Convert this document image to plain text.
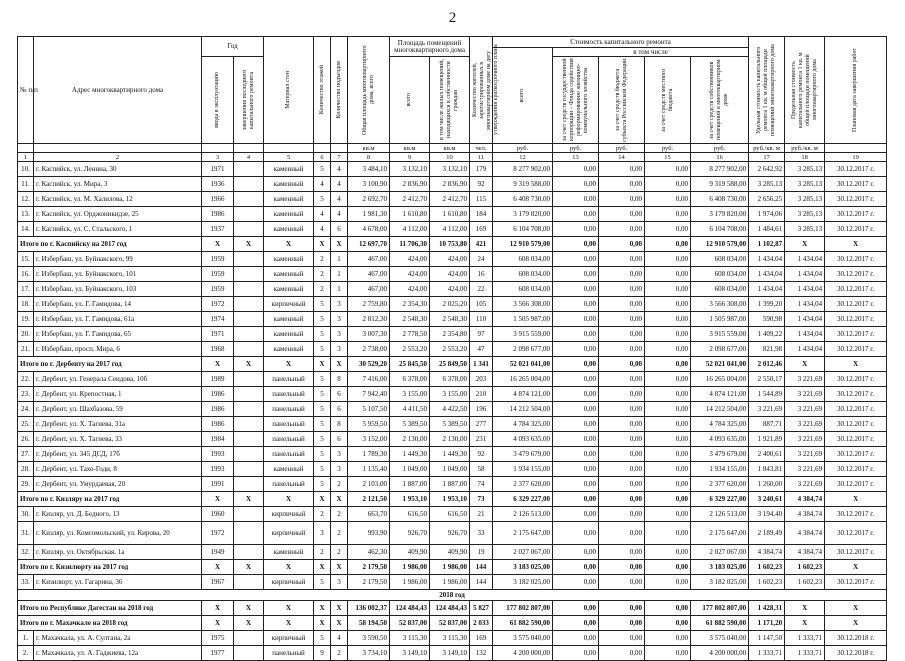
2
№ п/п	Адрес многоквартирного дома	Год		Материал стен	Количество этажей	Количество подъездов	Общая площадь многоквартирного дома, всего	Площадь помещений многоквартирного дома		Количество жителей, зарегистрированных в многоквартирном доме на дату утверждения краткосрочного плана	Стоимость капитального ремонта					Удельная стоимость капитального ремонта 1 кв. м общей площади помещений многоквартирного дома	Предельная стоимость капитального ремонта 1 кв. м общей площади помещений многоквартирного дома	Плановая дата завершения работ

											всего	в том числе						

		ввода в эксплуатацию	завершения последнего капитального ремонта					всего	в том числе жилых помещений, находящихся в собственности граждан			за счет средств государственной корпорации – Фонда содействия реформированию жилищно-коммунального хозяйства	за счет средств бюджета субъекта Российской Федерации	за счет средств местного бюджета	за счет средств собственников помещений в многоквартирном доме			

							кв.м	кв.м	кв.м	чел.	руб.	руб.	руб.	руб.	руб.	руб./кв. м	руб./кв. м	
1	2	3	4	5	6	7	8	9	10	11	12	13	14	15	16	17	18	19
10.	г. Каспийск, ул. Ленина, 30	1971		каменный	5	4	3 484,10	3 132,10	3 132,10	179	8 277 902,00	0,00	0,00	0,00	8 277 902,00	2 642,92	3 285,13	30.12.2017 г.
11.	г. Каспийск, ул. Мира, 3	1936		каменный	4	4	3 100,90	2 836,90	2 836,90	92	9 319 588,00	0,00	0,00	0,00	9 319 588,00	3 285,13	3 285,13	30.12.2017 г.
12.	г. Каспийск, ул. М. Халилова, 12	1966		каменный	5	4	2 692,70	2 412,70	2 412,70	115	6 408 730,00	0,00	0,00	0,00	6 408 730,00	2 656,25	3 285,13	30.12.2017 г.
13.	г. Каспийск, ул. Орджоникидзе, 25	1986		каменный	4	4	1 981,30	1 610,80	1 610,80	184	3 179 820,00	0,00	0,00	0,00	3 179 820,00	1 974,06	3 285,13	30.12.2017 г.
14.	г. Каспийск, ул. С. Стальского, 1	1937		каменный	4	6	4 678,00	4 112,00	4 112,00	169	6 104 708,00	0,00	0,00	0,00	6 104 708,00	1 484,61	3 285,13	30.12.2017 г.
Итого по г. Каспийску на 2017 год		X	X	X	X	X	12 697,70	11 706,30	10 753,80	421	12 910 579,00	0,00	0,00	0,00	12 910 579,00	1 102,87	X	X
15.	г. Избербаш, ул. Буйнакского, 99	1959		каменный	2	1	467,00	424,00	424,00	24	608 034,00	0,00	0,00	0,00	608 034,00	1 434,04	1 434,04	30.12.2017 г.
16.	г. Избербаш, ул. Буйнакского, 101	1959		каменный	2	1	467,00	424,00	424,00	16	608 034,00	0,00	0,00	0,00	608 034,00	1 434,04	1 434,04	30.12.2017 г.
17.	г. Избербаш, ул. Буйнакского, 103	1959		каменный	2	1	467,00	424,00	424,00	22	608 034,00	0,00	0,00	0,00	608 034,00	1 434,04	1 434,04	30.12.2017 г.
18.	г. Избербаш, ул. Г. Гамидова, 14	1972		кирпичный	5	3	2 759,80	2 354,30	2 025,20	105	3 566 308,00	0,00	0,00	0,00	3 566 308,00	1 399,20	1 434,04	30.12.2017 г.
19.	г. Избербаш, ул. Г. Гамидова, 61а	1974		каменный	5	3	2 812,30	2 548,30	2 548,30	110	1 505 987,00	0,00	0,00	0,00	1 505 987,00	590,98	1 434,04	30.12.2017 г.
20.	г. Избербаш, ул. Г. Гамидова, 65	1971		каменный	5	3	3 007,30	2 778,50	2 354,80	97	3 915 559,00	0,00	0,00	0,00	3 915 559,00	1 409,22	1 434,04	30.12.2017 г.
21.	г. Избербаш, просп. Мира, 6	1968		каменный	5	3	2 738,00	2 553,20	2 553,20	47	2 098 677,00	0,00	0,00	0,00	2 098 677,00	821,98	1 434,04	30.12.2017 г.
Итого по г. Дербенту на 2017 год		X	X	X	X	X	30 529,20	25 845,50	25 849,50	1 341	52 021 041,00	0,00	0,00	0,00	52 021 041,00	2 012,46	X	X
22.	г. Дербент, ул. Генерала Сеидова, 10б	1989		панельный	5	8	7 416,00	6 378,00	6 378,00	203	16 265 004,00	0,00	0,00	0,00	16 265 004,00	2 550,17	3 221,69	30.12.2017 г.
23.	г. Дербент, ул. Крепостная, 1	1986		панельный	5	6	7 942,40	3 155,00	3 155,00	210	4 874 121,00	0,00	0,00	0,00	4 874 121,00	1 544,89	3 221,69	30.12.2017 г.
24.	г. Дербент, ул. Шахбазова, 59	1986		панельный	5	6	5 107,50	4 411,50	4 422,50	196	14 212 504,00	0,00	0,00	0,00	14 212 504,00	3 221,69	3 221,69	30.12.2017 г.
25.	г. Дербент, ул. Х. Тагиева, 31а	1986		панельный	5	8	5 959,50	5 389,50	5 389,50	277	4 784 325,00	0,00	0,00	0,00	4 784 325,00	887,71	3 221,69	30.12.2017 г.
26.	г. Дербент, ул. Х. Тагиева, 33	1984		панельный	5	6	3 152,00	2 130,00	2 130,00	231	4 093 635,00	0,00	0,00	0,00	4 093 635,00	1 921,89	3 221,69	30.12.2017 г.
27.	г. Дербент, ул. 345 ДСД, 17б	1993		панельный	5	3	1 789,30	1 449,30	1 449,30	92	3 479 679,00	0,00	0,00	0,00	3 479 679,00	2 400,61	3 221,69	30.12.2017 г.
28.	г. Дербент, ул. Тахо-Годи, 8	1993		каменный	5	3	1 135,40	1 049,00	1 049,00	58	1 934 155,00	0,00	0,00	0,00	1 934 155,00	1 843,81	3 221,69	30.12.2017 г.
29.	г. Дербент, ул. Умурдаевая, 20	1991		панельный	5	2	2 103,00	1 887,00	1 887,00	74	2 377 620,00	0,00	0,00	0,00	2 377 620,00	1 260,00	3 221,69	30.12.2017 г.
Итого по г. Кизляру на 2017 год		X	X	X	X	X	2 121,50	1 953,10	1 953,10	73	6 329 227,00	0,00	0,00	0,00	6 329 227,00	3 240,61	4 384,74	X
30.	г. Кизляр, ул. Д. Бедного, 13	1960		кирпичный	2	2	663,70	616,50	616,50	21	2 126 513,00	0,00	0,00	0,00	2 126 513,00	3 194,40	4 384,74	30.12.2017 г.
31.	г. Кизляр, ул. Комсомольский, ул. Кирова, 20	1972		кирпичный	3	2	993,90	926,70	926,70	33	2 175 647,00	0,00	0,00	0,00	2 175 647,00	2 189,49	4 384,74	30.12.2017 г.
32.	г. Кизляр, ул. Октябрьская, 1а	1949		каменный	2	2	462,30	409,90	409,90	19	2 027 067,00	0,00	0,00	0,00	2 027 067,00	4 384,74	4 384,74	30.12.2017 г.
Итого по г. Кизилюрту на 2017 год		X	X	X	X	X	2 179,50	1 986,00	1 986,00	144	3 183 025,00	0,00	0,00	0,00	3 183 025,00	1 602,23	1 602,23	X
33.	г. Кизилюрт, ул. Гагарина, 36	1967		кирпичный	5	3	2 179,50	1 986,00	1 986,00	144	3 182 025,00	0,00	0,00	0,00	3 182 025,00	1 602,23	1 602,23	30.12.2017 г.
2018 год																		
Итого по Республике Дагестан на 2018 год		X	X	X	X	X	136 002,37	124 484,43	124 484,43	5 827	177 802 807,00	0,00	0,00	0,00	177 802 807,00	1 428,31	X	X
Итого по г. Махачкале на 2018 год		X	X	X	X	X	58 194,50	52 837,00	52 837,00	2 033	61 882 590,00	0,00	0,00	0,00	61 882 590,00	1 171,20	X	X
1.	г. Махачкала, ул. А. Султана, 2а	1975		кирпичный	5	4	3 590,50	3 115,30	3 115,30	169	3 575 040,00	0,00	0,00	0,00	3 575 040,00	1 147,50	1 333,71	30.12.2018 г.
2.	г. Махачкала, ул. А. Гаджиева, 12а	1977		панельный	9	2	3 734,10	3 149,10	3 149,10	132	4 200 000,00	0,00	0,00	0,00	4 200 000,00	1 333,71	1 333,71	30.12.2018 г.
